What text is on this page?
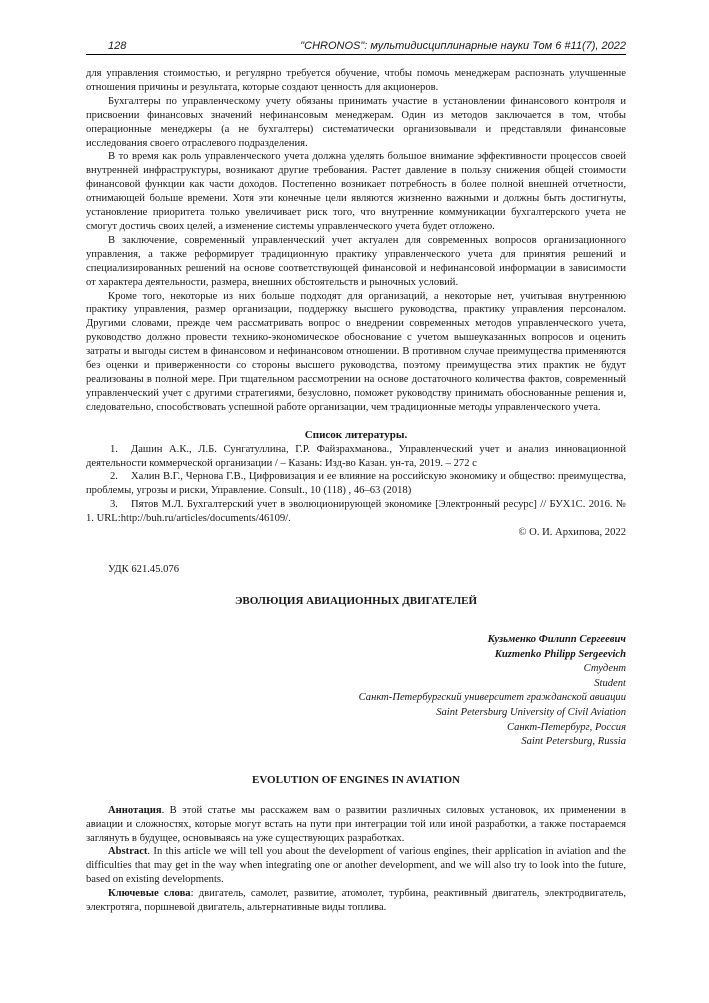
128	"CHRONOS": мультидисциплинарные науки Том 6 #11(7), 2022

для управления стоимостью, и регулярно требуется обучение, чтобы помочь менеджерам распознать улучшенные отношения причины и результата, которые создают ценность для акционеров.

Бухгалтеры по управленческому учету обязаны принимать участие в установлении финансового контроля и присвоении финансовых значений нефинансовым менеджерам. Один из методов заключается в том, чтобы операционные менеджеры (а не бухгалтеры) систематически организовывали и представляли финансовые исследования своего отраслевого подразделения.

В то время как роль управленческого учета должна уделять большое внимание эффективности процессов своей внутренней инфраструктуры, возникают другие требования. Растет давление в пользу снижения общей стоимости финансовой функции как части доходов. Постепенно возникает потребность в более полной внешней отчетности, отнимающей больше времени. Хотя эти конечные цели являются жизненно важными и должны быть достигнуты, установление приоритета только увеличивает риск того, что внутренние коммуникации бухгалтерского учета не смогут достичь своих целей, а изменение системы управленческого учета будет отложено.

В заключение, современный управленческий учет актуален для современных вопросов организационного управления, а также реформирует традиционную практику управленческого учета для принятия решений и специализированных решений на основе соответствующей финансовой и нефинансовой информации в зависимости от характера деятельности, размера, внешних обстоятельств и рыночных условий.

Кроме того, некоторые из них больше подходят для организаций, а некоторые нет, учитывая внутреннюю практику управления, размер организации, поддержку высшего руководства, практику управления персоналом. Другими словами, прежде чем рассматривать вопрос о внедрении современных методов управленческого учета, руководство должно провести технико-экономическое обоснование с учетом вышеуказанных вопросов и оценить затраты и выгоды систем в финансовом и нефинансовом отношении. В противном случае преимущества применяются без оценки и приверженности со стороны высшего руководства, поэтому преимущества этих практик не будут реализованы в полной мере. При тщательном рассмотрении на основе достаточного количества фактов, современный управленческий учет с другими стратегиями, безусловно, поможет руководству принимать обоснованные решения и, следовательно, способствовать успешной работе организации, чем традиционные методы управленческого учета.

Список литературы.

1. Дашин А.К., Л.Б. Сунгатуллина, Г.Р. Файзрахманова., Управленческий учет и анализ инновационной деятельности коммерческой организации / – Казань: Изд-во Казан. ун-та, 2019. – 272 с

2. Халин В.Г., Чернова Г.В., Цифровизация и ее влияние на российскую экономику и общество: преимущества, проблемы, угрозы и риски, Управление. Consult., 10 (118) , 46–63 (2018)

3. Пятов М.Л. Бухгалтерский учет в эволюционирующей экономике [Электронный ресурс] // БУХ1С. 2016. № 1. URL:http://buh.ru/articles/documents/46109/.

© О. И. Архипова, 2022
УДК 621.45.076
ЭВОЛЮЦИЯ АВИАЦИОННЫХ ДВИГАТЕЛЕЙ
Кузьменко Филипп Сергеевич
Kuzmenko Philipp Sergeevich
Студент
Student
Санкт-Петербургский университет гражданской авиации
Saint Petersburg University of Civil Aviation
Санкт-Петербург, Россия
Saint Petersburg, Russia
EVOLUTION OF ENGINES IN AVIATION

Аннотация. В этой статье мы расскажем вам о развитии различных силовых установок, их применении в авиации и сложностях, которые могут встать на пути при интеграции той или иной разработки, а также постараемся заглянуть в будущее, основываясь на уже существующих разработках.

Abstract. In this article we will tell you about the development of various engines, their application in aviation and the difficulties that may get in the way when integrating one or another development, and we will also try to look into the future, based on existing developments.

Ключевые слова: двигатель, самолет, развитие, атомолет, турбина, реактивный двигатель, электродвигатель, электротяга, поршневой двигатель, альтернативные виды топлива.
